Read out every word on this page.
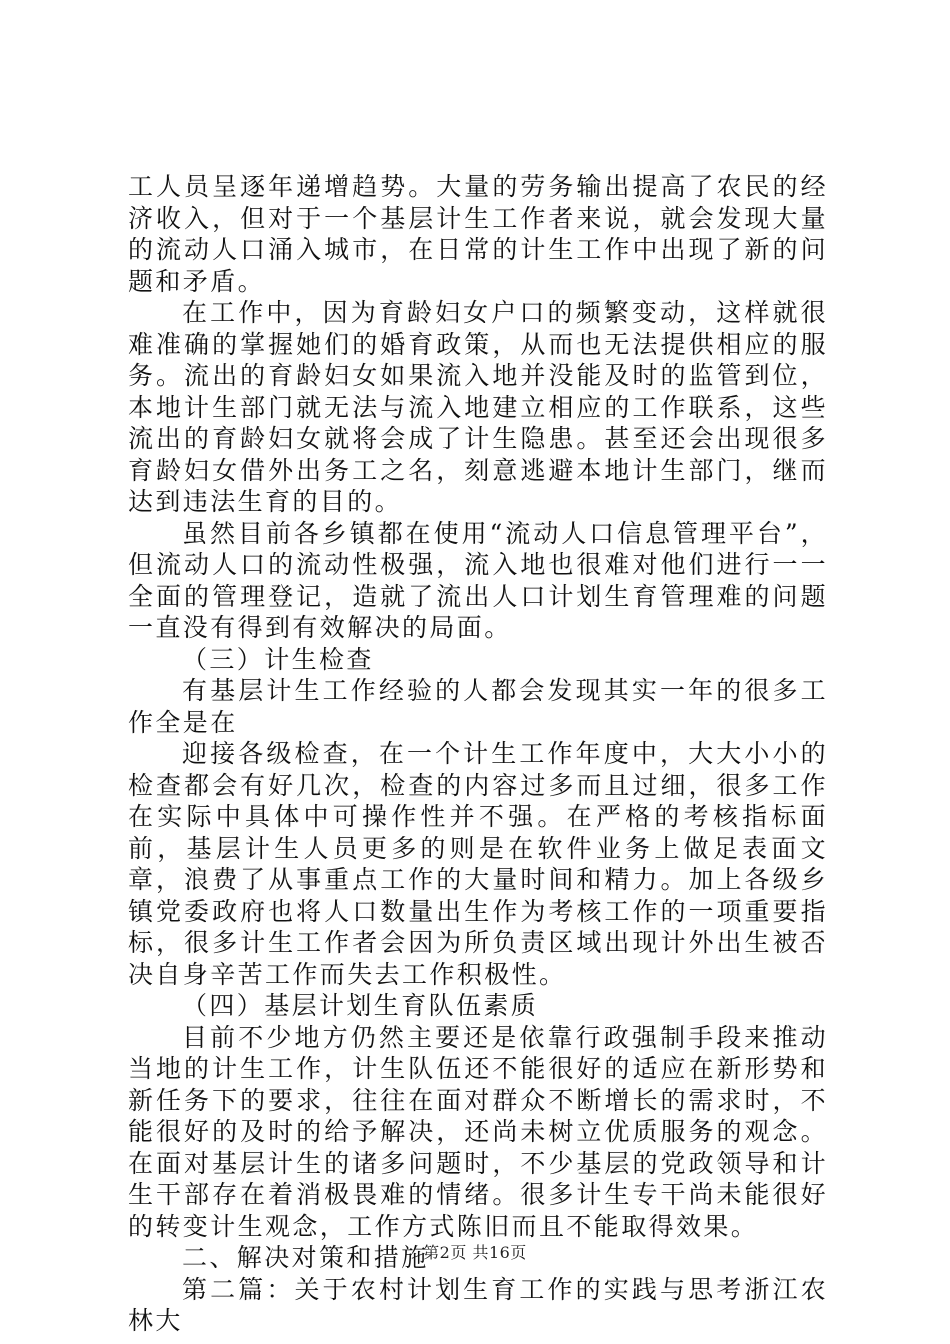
工人员呈逐年递增趋势。大量的劳务输出提高了农民的经济收入，但对于一个基层计生工作者来说，就会发现大量的流动人口涌入城市，在日常的计生工作中出现了新的问题和矛盾。

在工作中，因为育龄妇女户口的频繁变动，这样就很难准确的掌握她们的婚育政策，从而也无法提供相应的服务。流出的育龄妇女如果流入地并没能及时的监管到位，本地计生部门就无法与流入地建立相应的工作联系，这些流出的育龄妇女就将会成了计生隐患。甚至还会出现很多育龄妇女借外出务工之名，刻意逃避本地计生部门，继而达到违法生育的目的。

虽然目前各乡镇都在使用“流动人口信息管理平台”，但流动人口的流动性极强，流入地也很难对他们进行一一全面的管理登记，造就了流出人口计划生育管理难的问题一直没有得到有效解决的局面。

（三）计生检查

有基层计生工作经验的人都会发现其实一年的很多工作全是在

迎接各级检查，在一个计生工作年度中，大大小小的检查都会有好几次，检查的内容过多而且过细，很多工作在实际中具体中可操作性并不强。在严格的考核指标面前，基层计生人员更多的则是在软件业务上做足表面文章，浪费了从事重点工作的大量时间和精力。加上各级乡镇党委政府也将人口数量出生作为考核工作的一项重要指标，很多计生工作者会因为所负责区域出现计外出生被否决自身辛苦工作而失去工作积极性。

（四）基层计划生育队伍素质

目前不少地方仍然主要还是依靠行政强制手段来推动当地的计生工作，计生队伍还不能很好的适应在新形势和新任务下的要求，往往在面对群众不断增长的需求时，不能很好的及时的给予解决，还尚未树立优质服务的观念。在面对基层计生的诸多问题时，不少基层的党政领导和计生干部存在着消极畏难的情绪。很多计生专干尚未能很好的转变计生观念，工作方式陈旧而且不能取得效果。

二、解决对策和措施

第二篇：关于农村计划生育工作的实践与思考浙江农林大

第2页 共16页
